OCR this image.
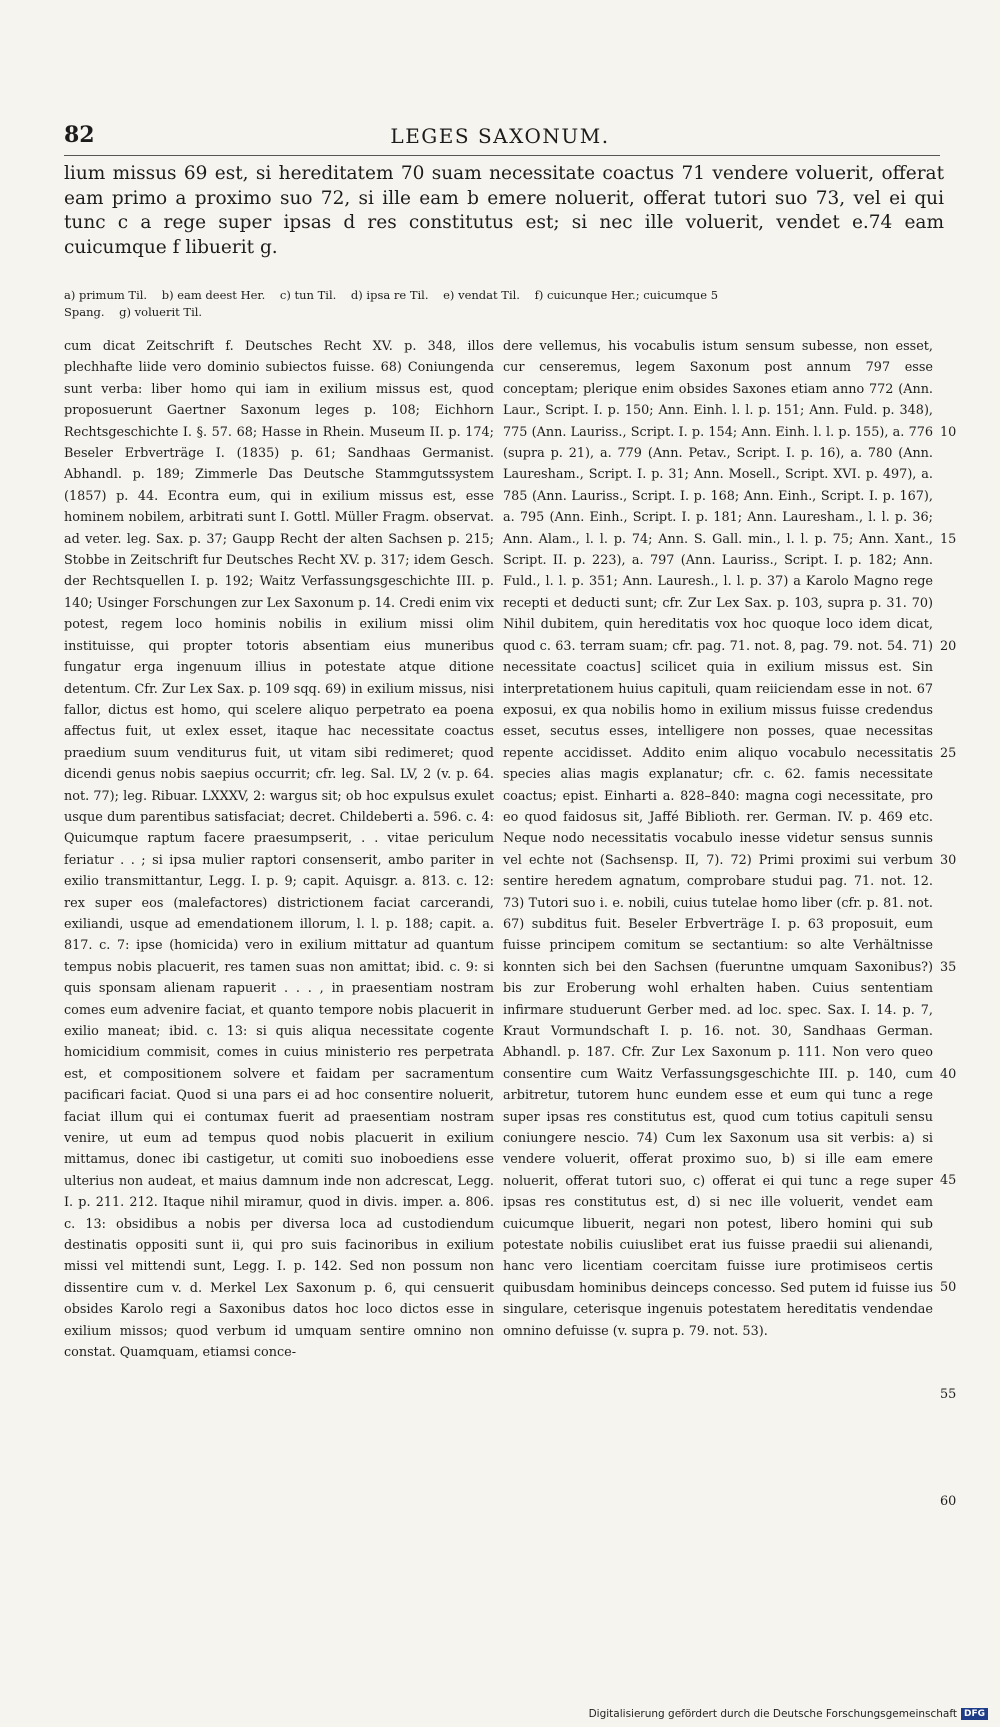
82	LEGES SAXONUM.
lium missus 69 est, si hereditatem 70 suam necessitate coactus 71 vendere voluerit, offerat eam primo a proximo suo 72, si ille eam b emere noluerit, offerat tutori suo 73, vel ei qui tunc c a rege super ipsas d res constitutus est; si nec ille voluerit, vendet e.74 eam cuicumque f libuerit g.
a) primum Til.    b) eam deest Her.    c) tun Til.    d) ipsa re Til.    e) vendat Til.    f) cuicunque Her.; cuicumque 5
Spang.    g) voluerit Til.
cum dicat Zeitschrift f. Deutsches Recht XV. p. 348, illos plechhafte liide vero dominio subiectos fuisse. 68) Coniungenda sunt verba: liber homo qui iam in exilium missus est, quod proposuerunt Gaertner Saxonum leges p. 108; Eichhorn Rechtsgeschichte I. §. 57. 68; Hasse in Rhein. Museum II. p. 174; Beseler Erbverträge I. (1835) p. 61; Sandhaas Germanist. Abhandl. p. 189; Zimmerle Das Deutsche Stammgutssystem (1857) p. 44. Econtra eum, qui in exilium missus est, esse hominem nobilem, arbitrati sunt I. Gottl. Müller Fragm. observat. ad veter. leg. Sax. p. 37; Gaupp Recht der alten Sachsen p. 215; Stobbe in Zeitschrift fur Deutsches Recht XV. p. 317; idem Gesch. der Rechtsquellen I. p. 192; Waitz Verfassungsgeschichte III. p. 140; Usinger Forschungen zur Lex Saxonum p. 14. Credi enim vix potest, regem loco hominis nobilis in exilium missi olim instituisse, qui propter totoris absentiam eius muneribus fungatur erga ingenuum illius in potestate atque ditione detentum. Cfr. Zur Lex Sax. p. 109 sqq. 69) in exilium missus, nisi fallor, dictus est homo, qui scelere aliquo perpetrato ea poena affectus fuit, ut exlex esset, itaque hac necessitate coactus praedium suum venditurus fuit, ut vitam sibi redimeret; quod dicendi genus nobis saepius occurrit; cfr. leg. Sal. LV, 2 (v. p. 64. not. 77); leg. Ribuar. LXXXV, 2: wargus sit; ob hoc expulsus exulet usque dum parentibus satisfaciat; decret. Childeberti a. 596. c. 4: Quicumque raptum facere praesumpserit, . . vitae periculum feriatur . . ; si ipsa mulier raptori consenserit, ambo pariter in exilio transmittantur, Legg. I. p. 9; capit. Aquisgr. a. 813. c. 12: rex super eos (malefactores) districtionem faciat carcerandi, exiliandi, usque ad emendationem illorum, l. l. p. 188; capit. a. 817. c. 7: ipse (homicida) vero in exilium mittatur ad quantum tempus nobis placuerit, res tamen suas non amittat; ibid. c. 9: si quis sponsam alienam rapuerit . . . , in praesentiam nostram comes eum advenire faciat, et quanto tempore nobis placuerit in exilio maneat; ibid. c. 13: si quis aliqua necessitate cogente homicidium commisit, comes in cuius ministerio res perpetrata est, et compositionem solvere et faidam per sacramentum pacificari faciat. Quod si una pars ei ad hoc consentire noluerit, faciat illum qui ei contumax fuerit ad praesentiam nostram venire, ut eum ad tempus quod nobis placuerit in exilium mittamus, donec ibi castigetur, ut comiti suo inoboediens esse ulterius non audeat, et maius damnum inde non adcrescat, Legg. I. p. 211. 212. Itaque nihil miramur, quod in divis. imper. a. 806. c. 13: obsidibus a nobis per diversa loca ad custodiendum destinatis oppositi sunt ii, qui pro suis facinoribus in exilium missi vel mittendi sunt, Legg. I. p. 142. Sed non possum non dissentire cum v. d. Merkel Lex Saxonum p. 6, qui censuerit obsides Karolo regi a Saxonibus datos hoc loco dictos esse in exilium missos; quod verbum id umquam sentire omnino non constat. Quamquam, etiamsi conce-
dere vellemus, his vocabulis istum sensum subesse, non esset, cur censeremus, legem Saxonum post annum 797 esse conceptam; plerique enim obsides Saxones etiam anno 772 (Ann. Laur., Script. I. p. 150; Ann. Einh. l. l. p. 151; Ann. Fuld. p. 348), 775 (Ann. Lauriss., Script. I. p. 154; Ann. Einh. l. l. p. 155), a. 776 (supra p. 21), a. 779 (Ann. Petav., Script. I. p. 16), a. 780 (Ann. Lauresham., Script. I. p. 31; Ann. Mosell., Script. XVI. p. 497), a. 785 (Ann. Lauriss., Script. I. p. 168; Ann. Einh., Script. I. p. 167), a. 795 (Ann. Einh., Script. I. p. 181; Ann. Lauresham., l. l. p. 36; Ann. Alam., l. l. p. 74; Ann. S. Gall. min., l. l. p. 75; Ann. Xant., Script. II. p. 223), a. 797 (Ann. Lauriss., Script. I. p. 182; Ann. Fuld., l. l. p. 351; Ann. Lauresh., l. l. p. 37) a Karolo Magno rege recepti et deducti sunt; cfr. Zur Lex Sax. p. 103, supra p. 31. 70) Nihil dubitem, quin hereditatis vox hoc quoque loco idem dicat, quod c. 63. terram suam; cfr. pag. 71. not. 8, pag. 79. not. 54. 71) necessitate coactus] scilicet quia in exilium missus est. Sin interpretationem huius capituli, quam reiiciendam esse in not. 67 exposui, ex qua nobilis homo in exilium missus fuisse credendus esset, secutus esses, intelligere non posses, quae necessitas repente accidisset. Addito enim aliquo vocabulo necessitatis species alias magis explanatur; cfr. c. 62. famis necessitate coactus; epist. Einharti a. 828–840: magna cogi necessitate, pro eo quod faidosus sit, Jaffé Biblioth. rer. German. IV. p. 469 etc. Neque nodo necessitatis vocabulo inesse videtur sensus sunnis vel echte not (Sachsensp. II, 7). 72) Primi proximi sui verbum sentire heredem agnatum, comprobare studui pag. 71. not. 12. 73) Tutori suo i. e. nobili, cuius tutelae homo liber (cfr. p. 81. not. 67) subditus fuit. Beseler Erbverträge I. p. 63 proposuit, eum fuisse principem comitum se sectantium: so alte Verhältnisse konnten sich bei den Sachsen (fueruntne umquam Saxonibus?) bis zur Eroberung wohl erhalten haben. Cuius sententiam infirmare studuerunt Gerber med. ad loc. spec. Sax. I. 14. p. 7, Kraut Vormundschaft I. p. 16. not. 30, Sandhaas German. Abhandl. p. 187. Cfr. Zur Lex Saxonum p. 111. Non vero queo consentire cum Waitz Verfassungsgeschichte III. p. 140, cum arbitretur, tutorem hunc eundem esse et eum qui tunc a rege super ipsas res constitutus est, quod cum totius capituli sensu coniungere nescio. 74) Cum lex Saxonum usa sit verbis: a) si vendere voluerit, offerat proximo suo, b) si ille eam emere noluerit, offerat tutori suo, c) offerat ei qui tunc a rege super ipsas res constitutus est, d) si nec ille voluerit, vendet eam cuicumque libuerit, negari non potest, libero homini qui sub potestate nobilis cuiuslibet erat ius fuisse praedii sui alienandi, hanc vero licentiam coercitam fuisse iure protimiseos certis quibusdam hominibus deinceps concesso. Sed putem id fuisse ius singulare, ceterisque ingenuis potestatem hereditatis vendendae omnino defuisse (v. supra p. 79. not. 53).
10
15
20
25
30
35
40
45
50
55
60
Digitalisierung gefördert durch die Deutsche Forschungsgemeinschaft DFG
